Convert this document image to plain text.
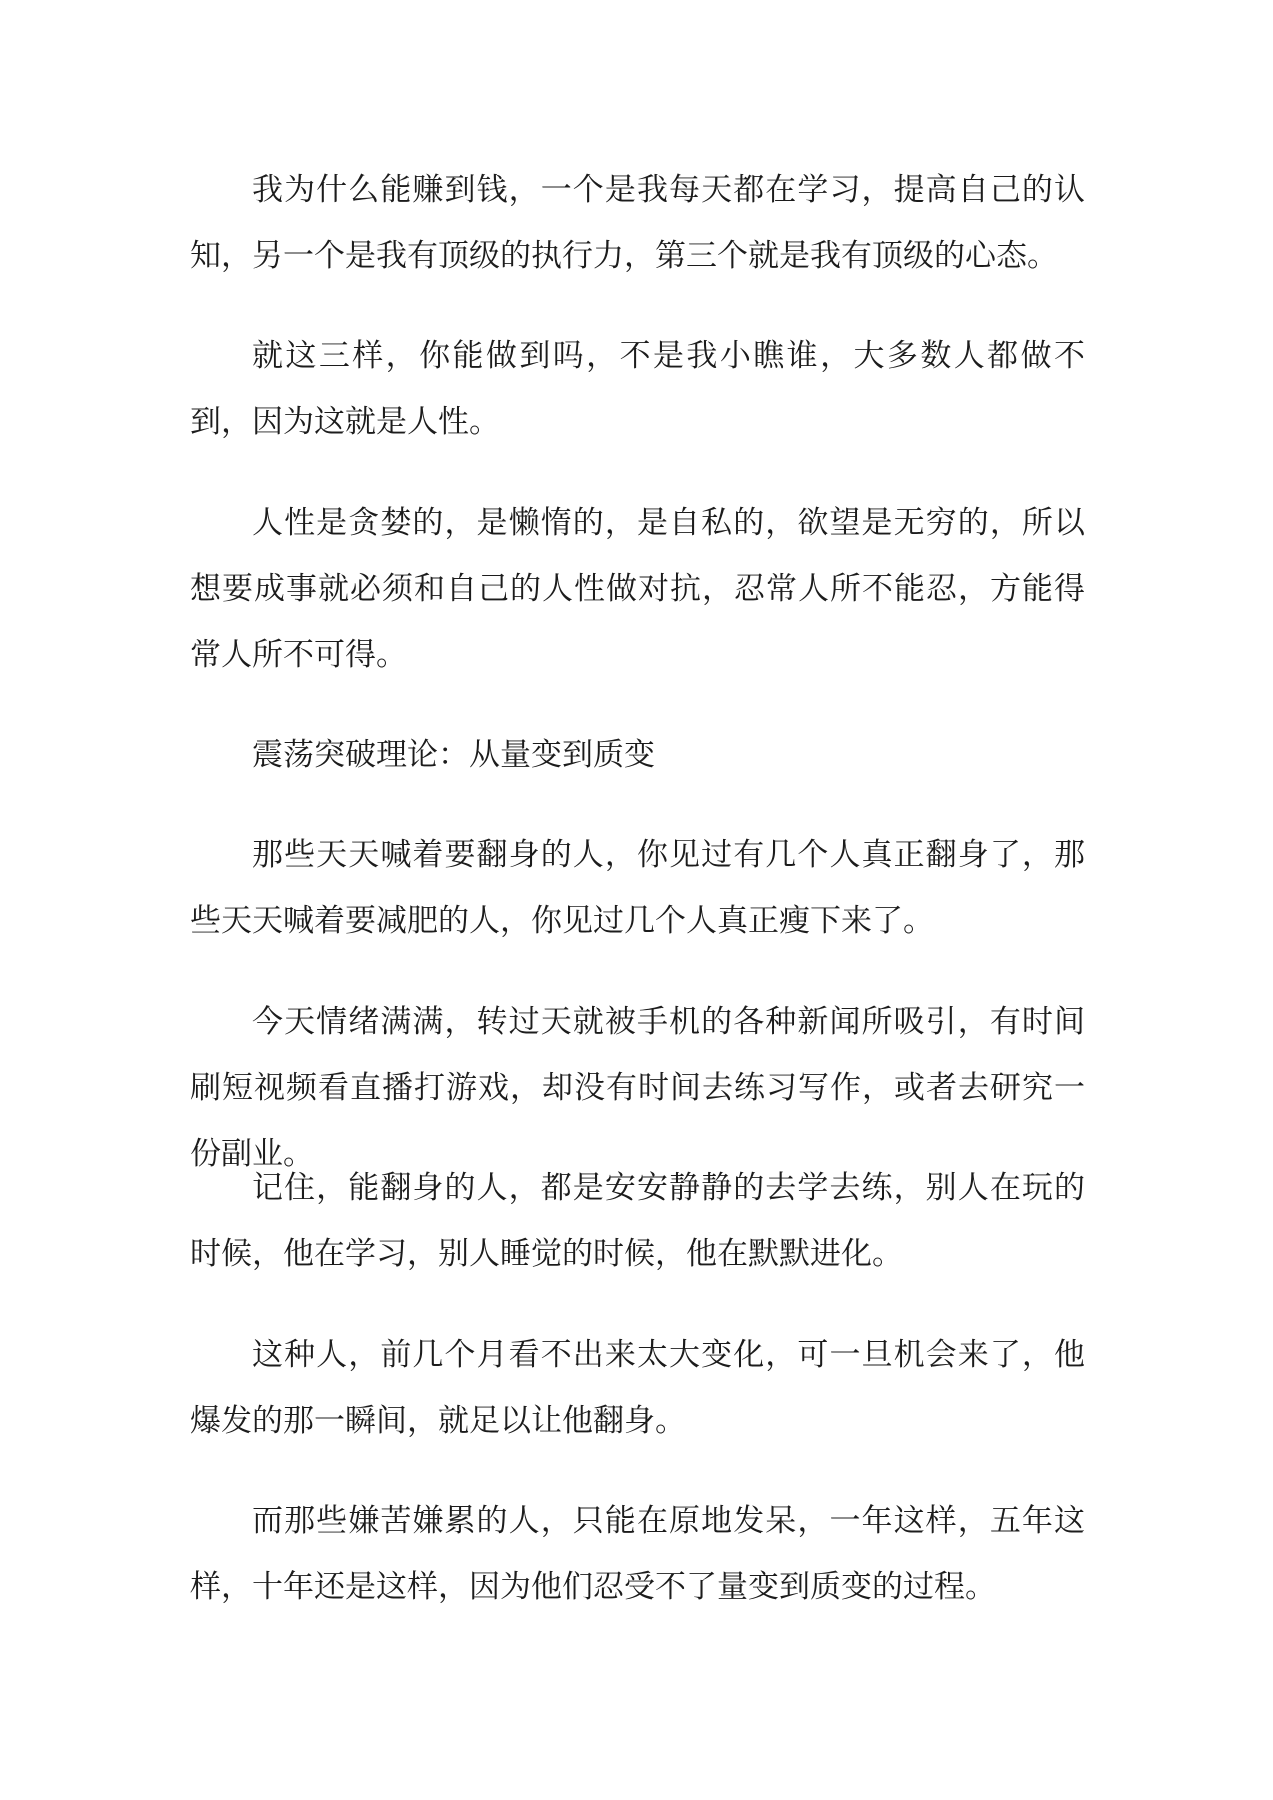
我为什么能赚到钱，一个是我每天都在学习，提高自己的认知，另一个是我有顶级的执行力，第三个就是我有顶级的心态。

就这三样，你能做到吗，不是我小瞧谁，大多数人都做不到，因为这就是人性。

人性是贪婪的，是懒惰的，是自私的，欲望是无穷的，所以想要成事就必须和自己的人性做对抗，忍常人所不能忍，方能得常人所不可得。

震荡突破理论：从量变到质变

那些天天喊着要翻身的人，你见过有几个人真正翻身了，那些天天喊着要减肥的人，你见过几个人真正瘦下来了。

今天情绪满满，转过天就被手机的各种新闻所吸引，有时间刷短视频看直播打游戏，却没有时间去练习写作，或者去研究一份副业。

记住，能翻身的人，都是安安静静的去学去练，别人在玩的时候，他在学习，别人睡觉的时候，他在默默进化。

这种人，前几个月看不出来太大变化，可一旦机会来了，他爆发的那一瞬间，就足以让他翻身。

而那些嫌苦嫌累的人，只能在原地发呆，一年这样，五年这样，十年还是这样，因为他们忍受不了量变到质变的过程。
